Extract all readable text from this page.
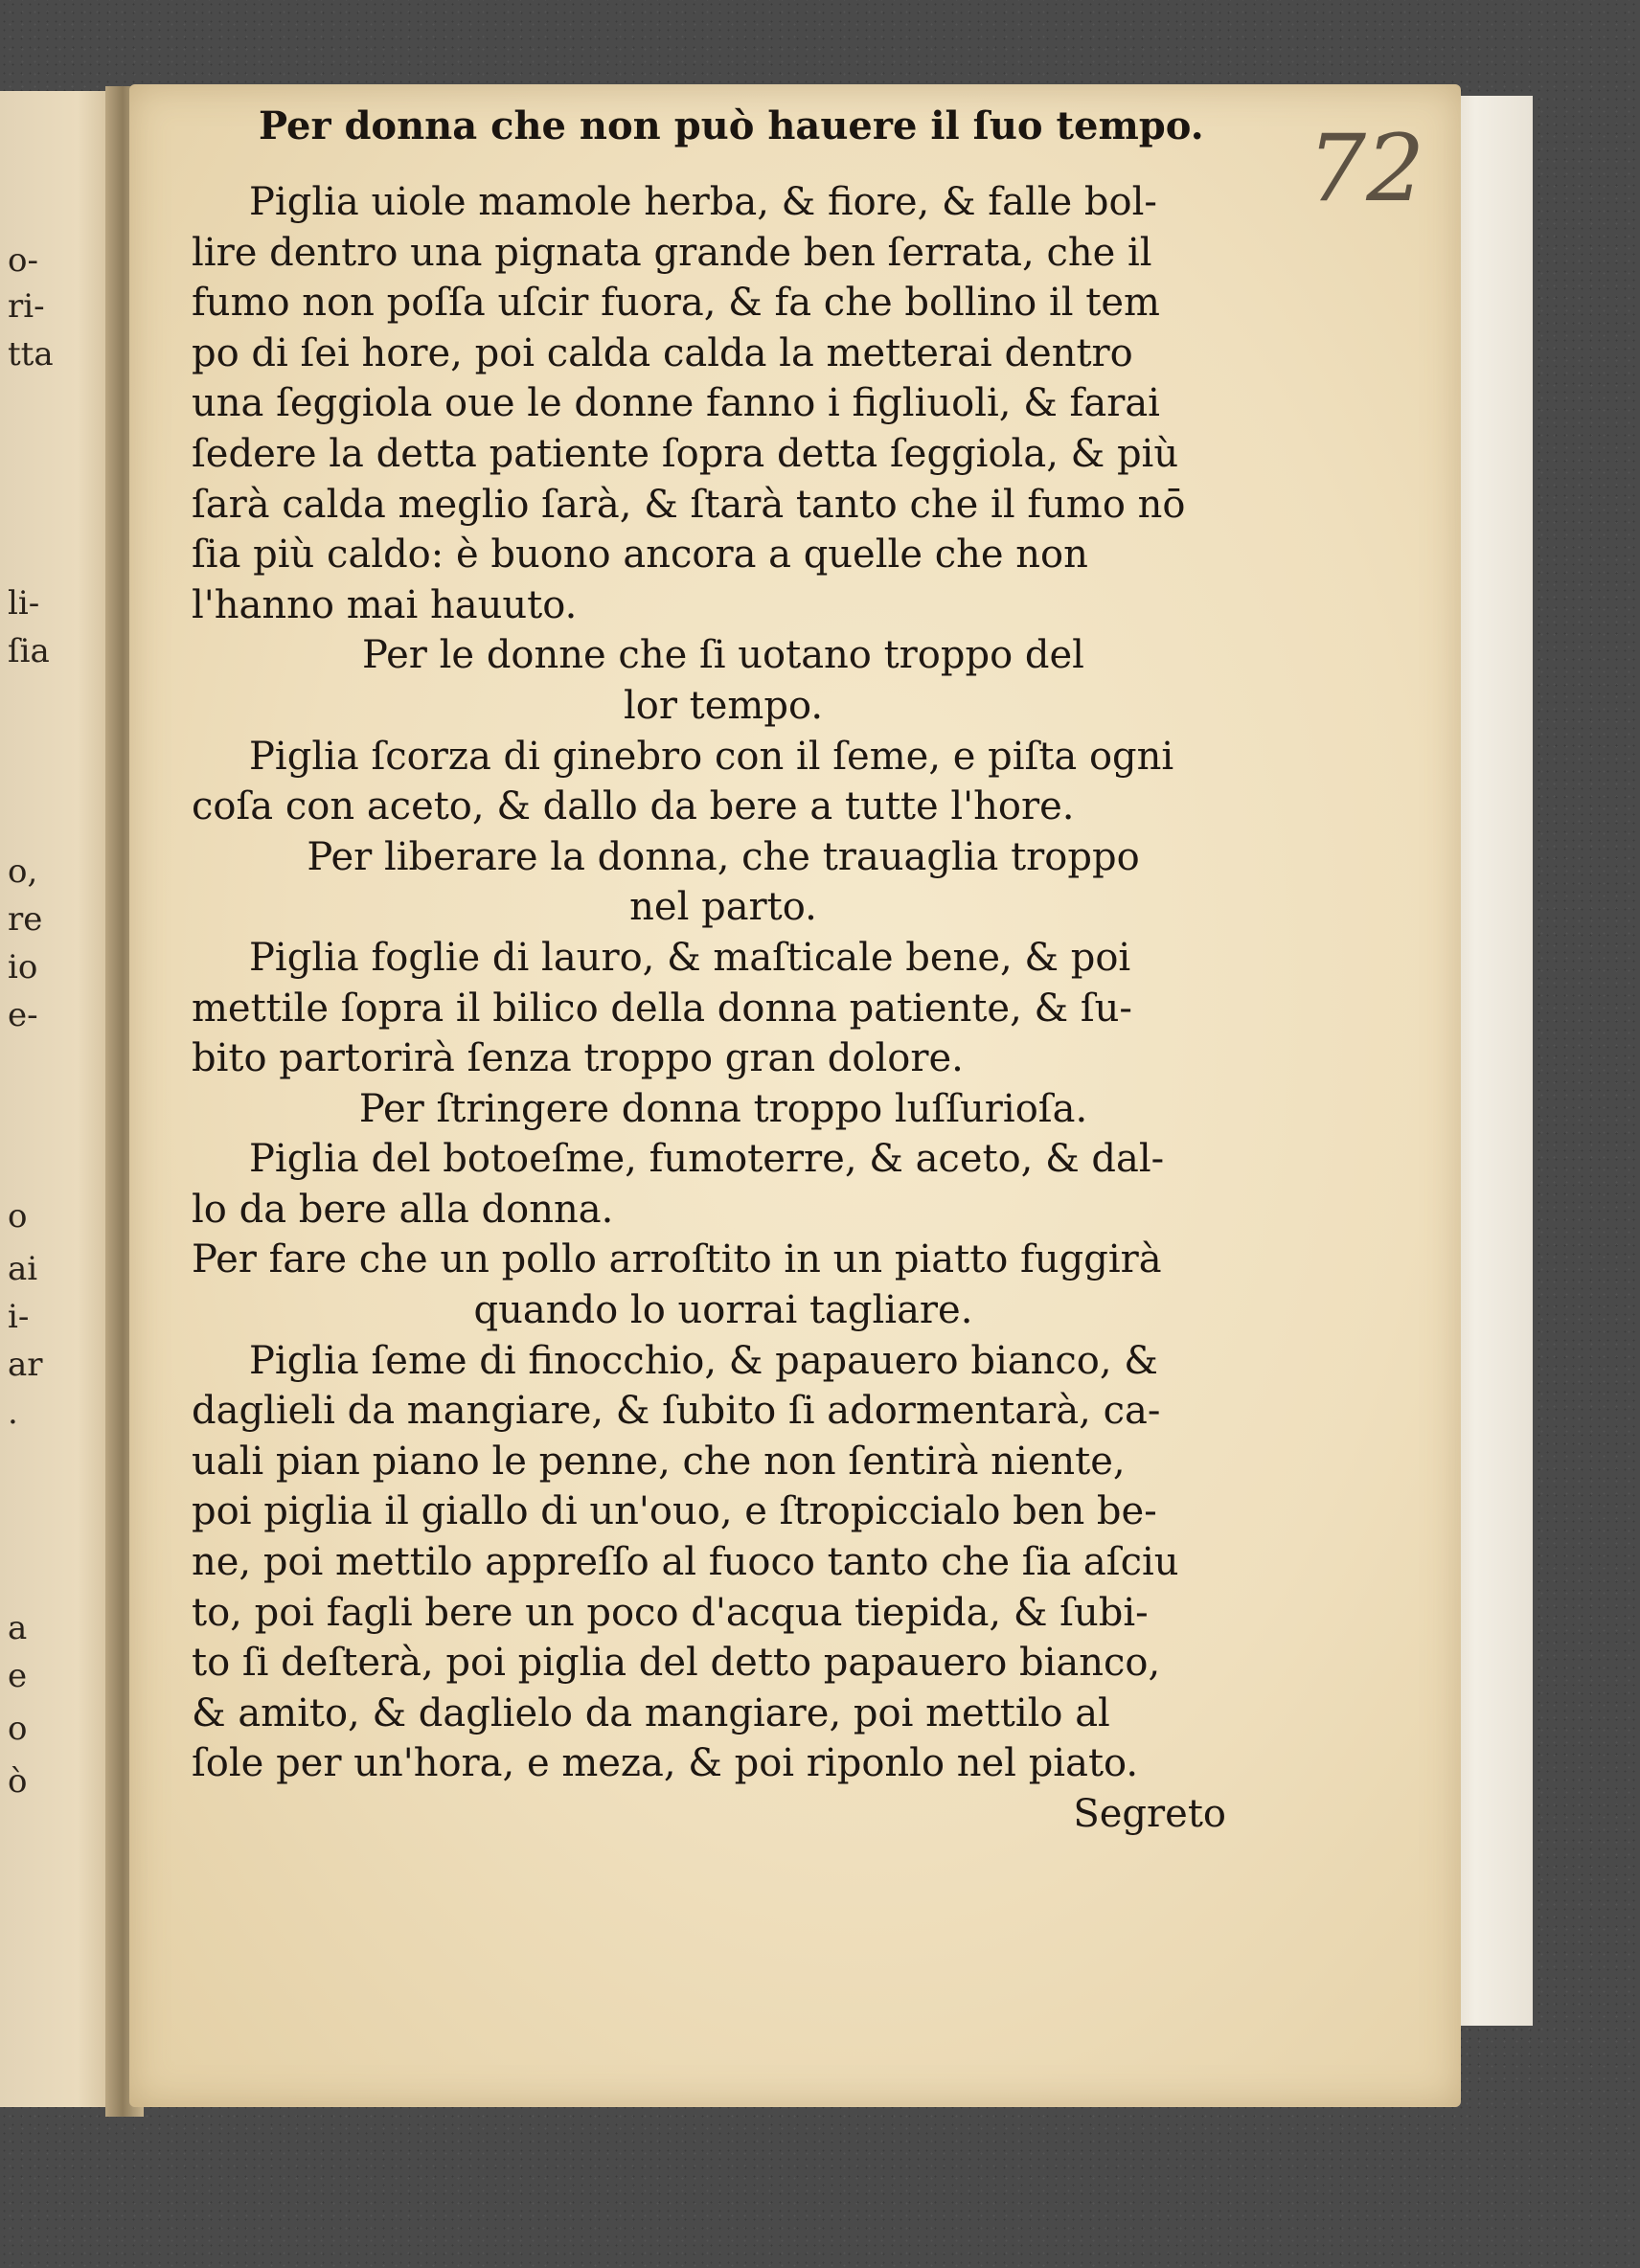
o-
ri-
tta
li-
ſia
o,
re
io
e-
o
ai
i-
ar
.
a
e
o
ò
72
Per donna che non può hauere il ſuo tempo.
Piglia uiole mamole herba, & fiore, & falle bol-
lire dentro una pignata grande ben ſerrata, che il
fumo non poſſa uſcir fuora, & fa che bollino il tem
po di ſei hore, poi calda calda la metterai dentro
una ſeggiola oue le donne fanno i figliuoli, & farai
ſedere la detta patiente ſopra detta ſeggiola, & più
ſarà calda meglio ſarà, & ſtarà tanto che il fumo nō
ſia più caldo: è buono ancora a quelle che non
l'hanno mai hauuto.
Per le donne che ſi uotano troppo del
lor tempo.
Piglia ſcorza di ginebro con il ſeme, e piſta ogni
coſa con aceto, & dallo da bere a tutte l'hore.
Per liberare la donna, che trauaglia troppo
nel parto.
Piglia foglie di lauro, & maſticale bene, & poi
mettile ſopra il bilico della donna patiente, & ſu-
bito partorirà ſenza troppo gran dolore.
Per ſtringere donna troppo luſſurioſa.
Piglia del botoeſme, fumoterre, & aceto, & dal-
lo da bere alla donna.
Per fare che un pollo arroſtito in un piatto fuggirà
quando lo uorrai tagliare.
Piglia ſeme di finocchio, & papauero bianco, &
daglieli da mangiare, & ſubito ſi adormentarà, ca-
uali pian piano le penne, che non ſentirà niente,
poi piglia il giallo di un'ouo, e ſtropiccialo ben be-
ne, poi mettilo appreſſo al fuoco tanto che ſia aſciu
to, poi fagli bere un poco d'acqua tiepida, & ſubi-
to ſi deſterà, poi piglia del detto papauero bianco,
& amito, & daglielo da mangiare, poi mettilo al
ſole per un'hora, e meza, & poi riponlo nel piato.
Segreto
